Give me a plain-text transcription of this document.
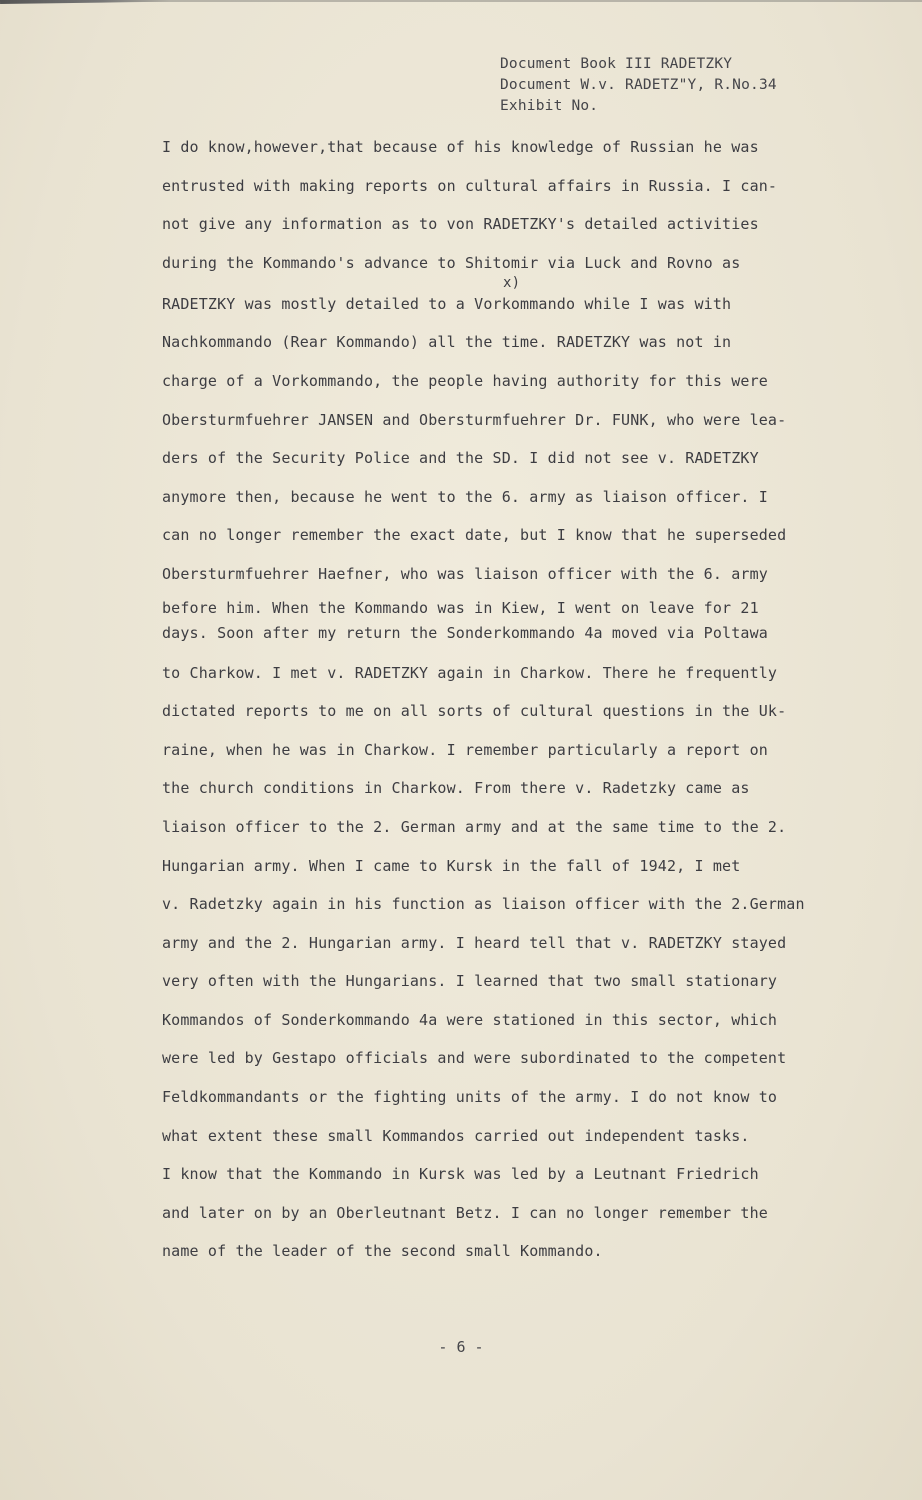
Document Book III RADETZKY
Document W.v. RADETZ"Y, R.No.34
Exhibit No.
I do know,however,that because of his knowledge of Russian he was
entrusted with making reports on cultural affairs in Russia. I can-
not give any information as to von RADETZKY's detailed activities
during the Kommando's advance to Shitomir via Luck and Rovno as
x)
RADETZKY was mostly detailed to a Vorkommando while I was with
Nachkommando (Rear Kommando) all the time. RADETZKY was not in
charge of a Vorkommando, the people having authority for this were
Obersturmfuehrer JANSEN and Obersturmfuehrer Dr. FUNK, who were lea-
ders of the Security Police and the SD. I did not see v. RADETZKY
anymore then, because he went to the 6. army as liaison officer. I
can no longer remember the exact date, but I know that he superseded
Obersturmfuehrer Haefner, who was liaison officer with the 6. army
before him. When the Kommando was in Kiew, I went on leave for 21
days. Soon after my return the Sonderkommando 4a moved via Poltawa
to Charkow. I met v. RADETZKY again in Charkow. There he frequently
dictated reports to me on all sorts of cultural questions in the Uk-
raine, when he was in Charkow. I remember particularly a report on
the church conditions in Charkow. From there v. Radetzky came as
liaison officer to the 2. German army and at the same time to the 2.
Hungarian army. When I came to Kursk in the fall of 1942, I met
v. Radetzky again in his function as liaison officer with the 2.German
army and the 2. Hungarian army. I heard tell that v. RADETZKY stayed
very often with the Hungarians. I learned that two small stationary
Kommandos of Sonderkommando 4a were stationed in this sector, which
were led by Gestapo officials and were subordinated to the competent
Feldkommandants or the fighting units of the army. I do not know to
what extent these small Kommandos carried out independent tasks.
I know that the Kommando in Kursk was led by a Leutnant Friedrich
and later on by an Oberleutnant Betz. I can no longer remember the
name of the leader of the second small Kommando.
- 6 -
